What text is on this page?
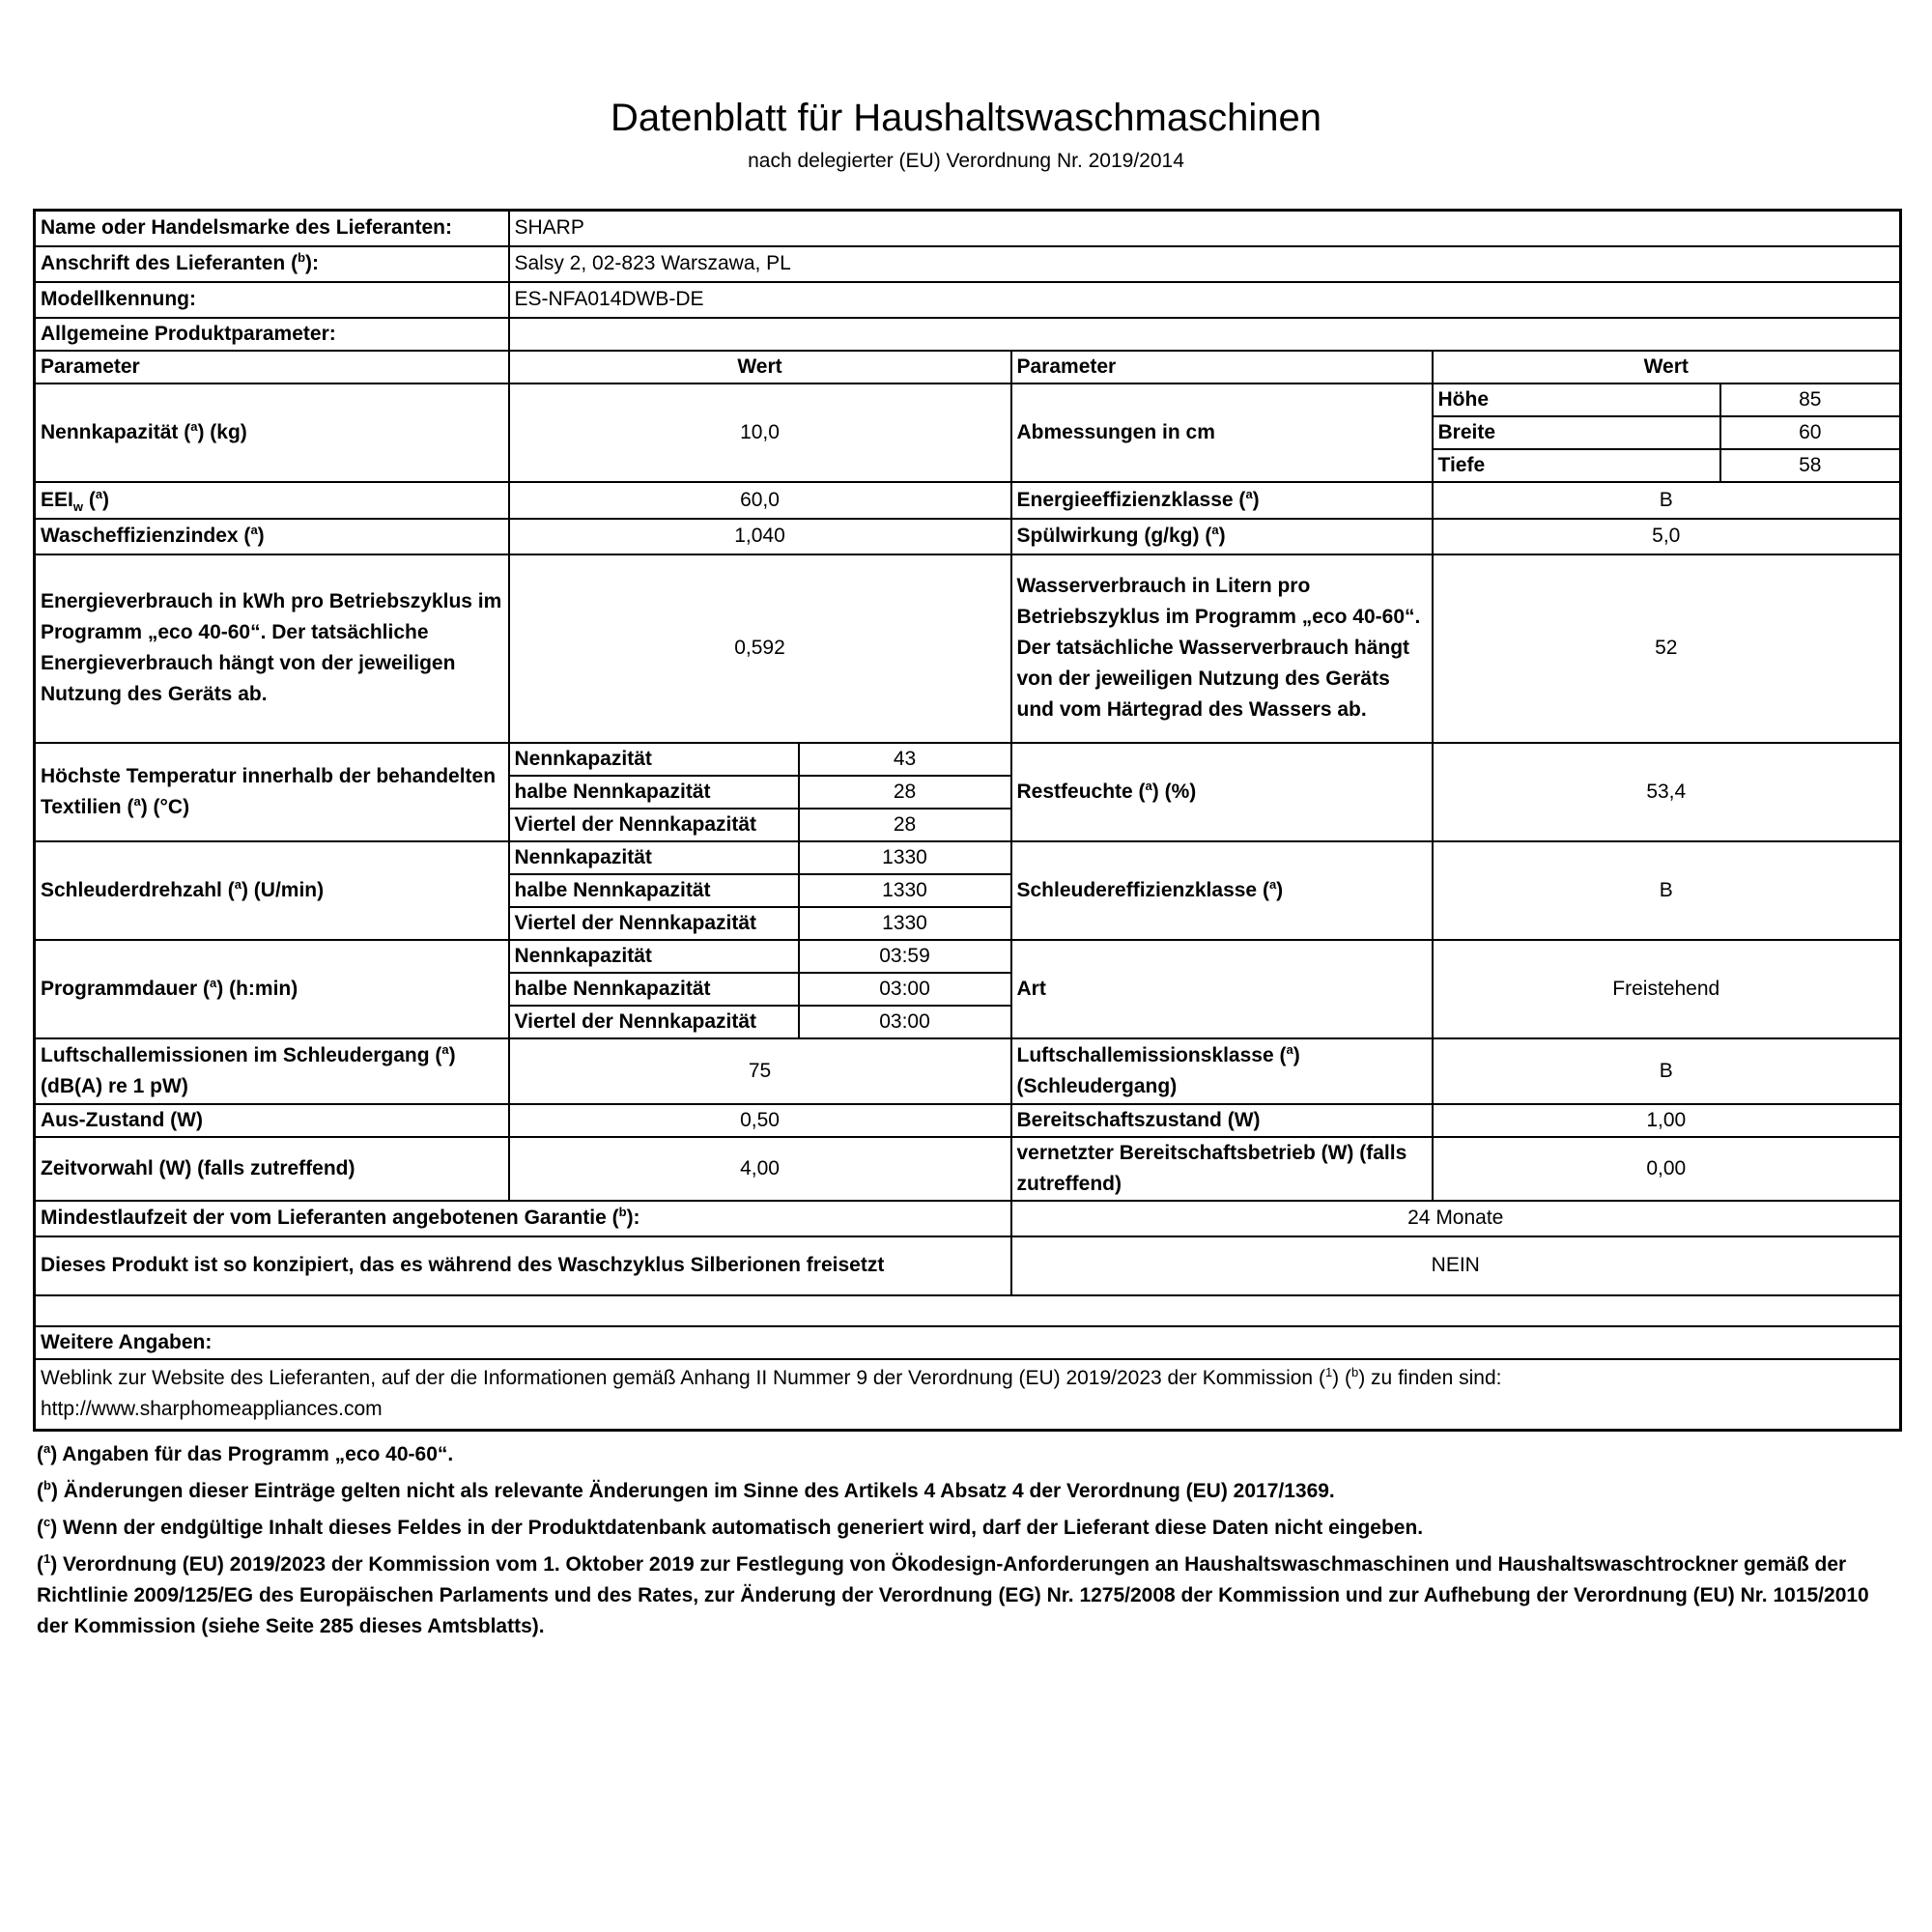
Datenblatt für Haushaltswaschmaschinen
nach delegierter (EU) Verordnung Nr. 2019/2014
Name oder Handelsmarke des Lieferanten:	SHARP				
Anschrift des Lieferanten ($^b$):	Salsy 2, 02-823 Warszawa, PL				
Modellkennung:	ES-NFA014DWB-DE				
Allgemeine Produktparameter:					
Parameter	Wert		Parameter	Wert	
Nennkapazität ($^a$) (kg)	10,0		Abmessungen in cm	Höhe	85
				Breite	60
				Tiefe	58
$EEI_w$ ($^a$)	60,0		Energieeffizienzklasse ($^a$)	B	
Wascheffizienzindex ($^a$)	1,040		Spülwirkung (g/kg) ($^a$)	5,0	
Energieverbrauch in kWh pro Betriebszyklus im Programm „eco 40-60“. Der tatsächliche Energieverbrauch hängt von der jeweiligen Nutzung des Geräts ab.	0,592		Wasserverbrauch in Litern pro Betriebszyklus im Programm „eco 40-60“. Der tatsächliche Wasserverbrauch hängt von der jeweiligen Nutzung des Geräts und vom Härtegrad des Wassers ab.	52	
Höchste Temperatur innerhalb der behandelten Textilien ($^a$) (°C)	Nennkapazität	43	Restfeuchte ($^a$) (%)	53,4	
	halbe Nennkapazität	28			
	Viertel der Nennkapazität	28			
Schleuderdrehzahl ($^a$) (U/min)	Nennkapazität	1330	Schleudereffizienzklasse ($^a$)	B	
	halbe Nennkapazität	1330			
	Viertel der Nennkapazität	1330			
Programmdauer ($^a$) (h:min)	Nennkapazität	03:59	Art	Freistehend	
	halbe Nennkapazität	03:00			
	Viertel der Nennkapazität	03:00			
Luftschallemissionen im Schleudergang ($^a$) (dB(A) re 1 pW)	75		Luftschallemissionsklasse ($^a$) (Schleudergang)	B	
Aus-Zustand (W)	0,50		Bereitschaftszustand (W)	1,00	
Zeitvorwahl (W) (falls zutreffend)	4,00		vernetzter Bereitschaftsbetrieb (W) (falls zutreffend)	0,00	
Mindestlaufzeit der vom Lieferanten angebotenen Garantie ($^b$):			24 Monate		
Dieses Produkt ist so konzipiert, das es während des Waschzyklus Silberionen freisetzt			NEIN		

Weitere Angaben:					
Weblink zur Website des Lieferanten, auf der die Informationen gemäß Anhang II Nummer 9 der Verordnung (EU) 2019/2023 der Kommission ($^1$) ($^b$) zu finden sind:
http://www.sharphomeappliances.com					

($^a$) Angaben für das Programm „eco 40-60“.

($^b$) Änderungen dieser Einträge gelten nicht als relevante Änderungen im Sinne des Artikels 4 Absatz 4 der Verordnung (EU) 2017/1369.

($^c$) Wenn der endgültige Inhalt dieses Feldes in der Produktdatenbank automatisch generiert wird, darf der Lieferant diese Daten nicht eingeben.

($^1$) Verordnung (EU) 2019/2023 der Kommission vom 1. Oktober 2019 zur Festlegung von Ökodesign-Anforderungen an Haushaltswaschmaschinen und Haushaltswaschtrockner gemäß der Richtlinie 2009/125/EG des Europäischen Parlaments und des Rates, zur Änderung der Verordnung (EG) Nr. 1275/2008 der Kommission und zur Aufhebung der Verordnung (EU) Nr. 1015/2010 der Kommission (siehe Seite 285 dieses Amtsblatts).
